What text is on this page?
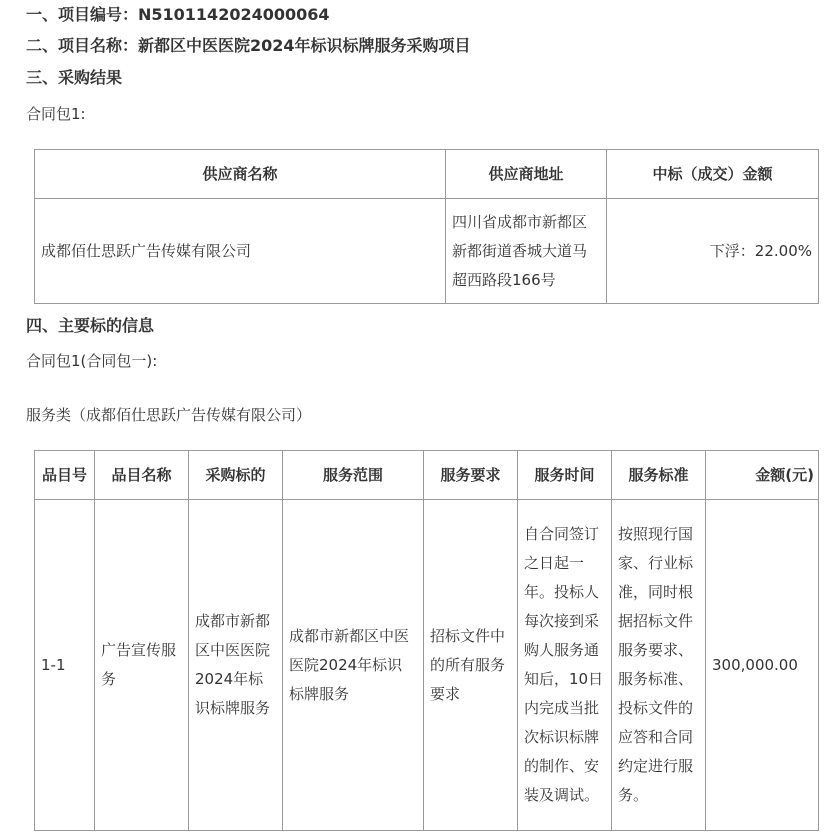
一、项目编号：N5101142024000064
二、项目名称：新都区中医医院2024年标识标牌服务采购项目
三、采购结果
合同包1:
供应商名称	供应商地址	中标（成交）金额
成都佰仕思跃广告传媒有限公司	四川省成都市新都区新都街道香城大道马超西路段166号	下浮：22.00%
四、主要标的信息
合同包1(合同包一):
服务类（成都佰仕思跃广告传媒有限公司）
品目号	品目名称	采购标的	服务范围	服务要求	服务时间	服务标准	金额(元)
1-1	广告宣传服务	成都市新都区中医医院2024年标识标牌服务	成都市新都区中医医院2024年标识标牌服务	招标文件中的所有服务要求	自合同签订之日起一年。投标人每次接到采购人服务通知后，10日内完成当批次标识标牌的制作、安装及调试。	按照现行国家、行业标准，同时根据招标文件服务要求、服务标准、投标文件的应答和合同约定进行服务。	300,000.00
